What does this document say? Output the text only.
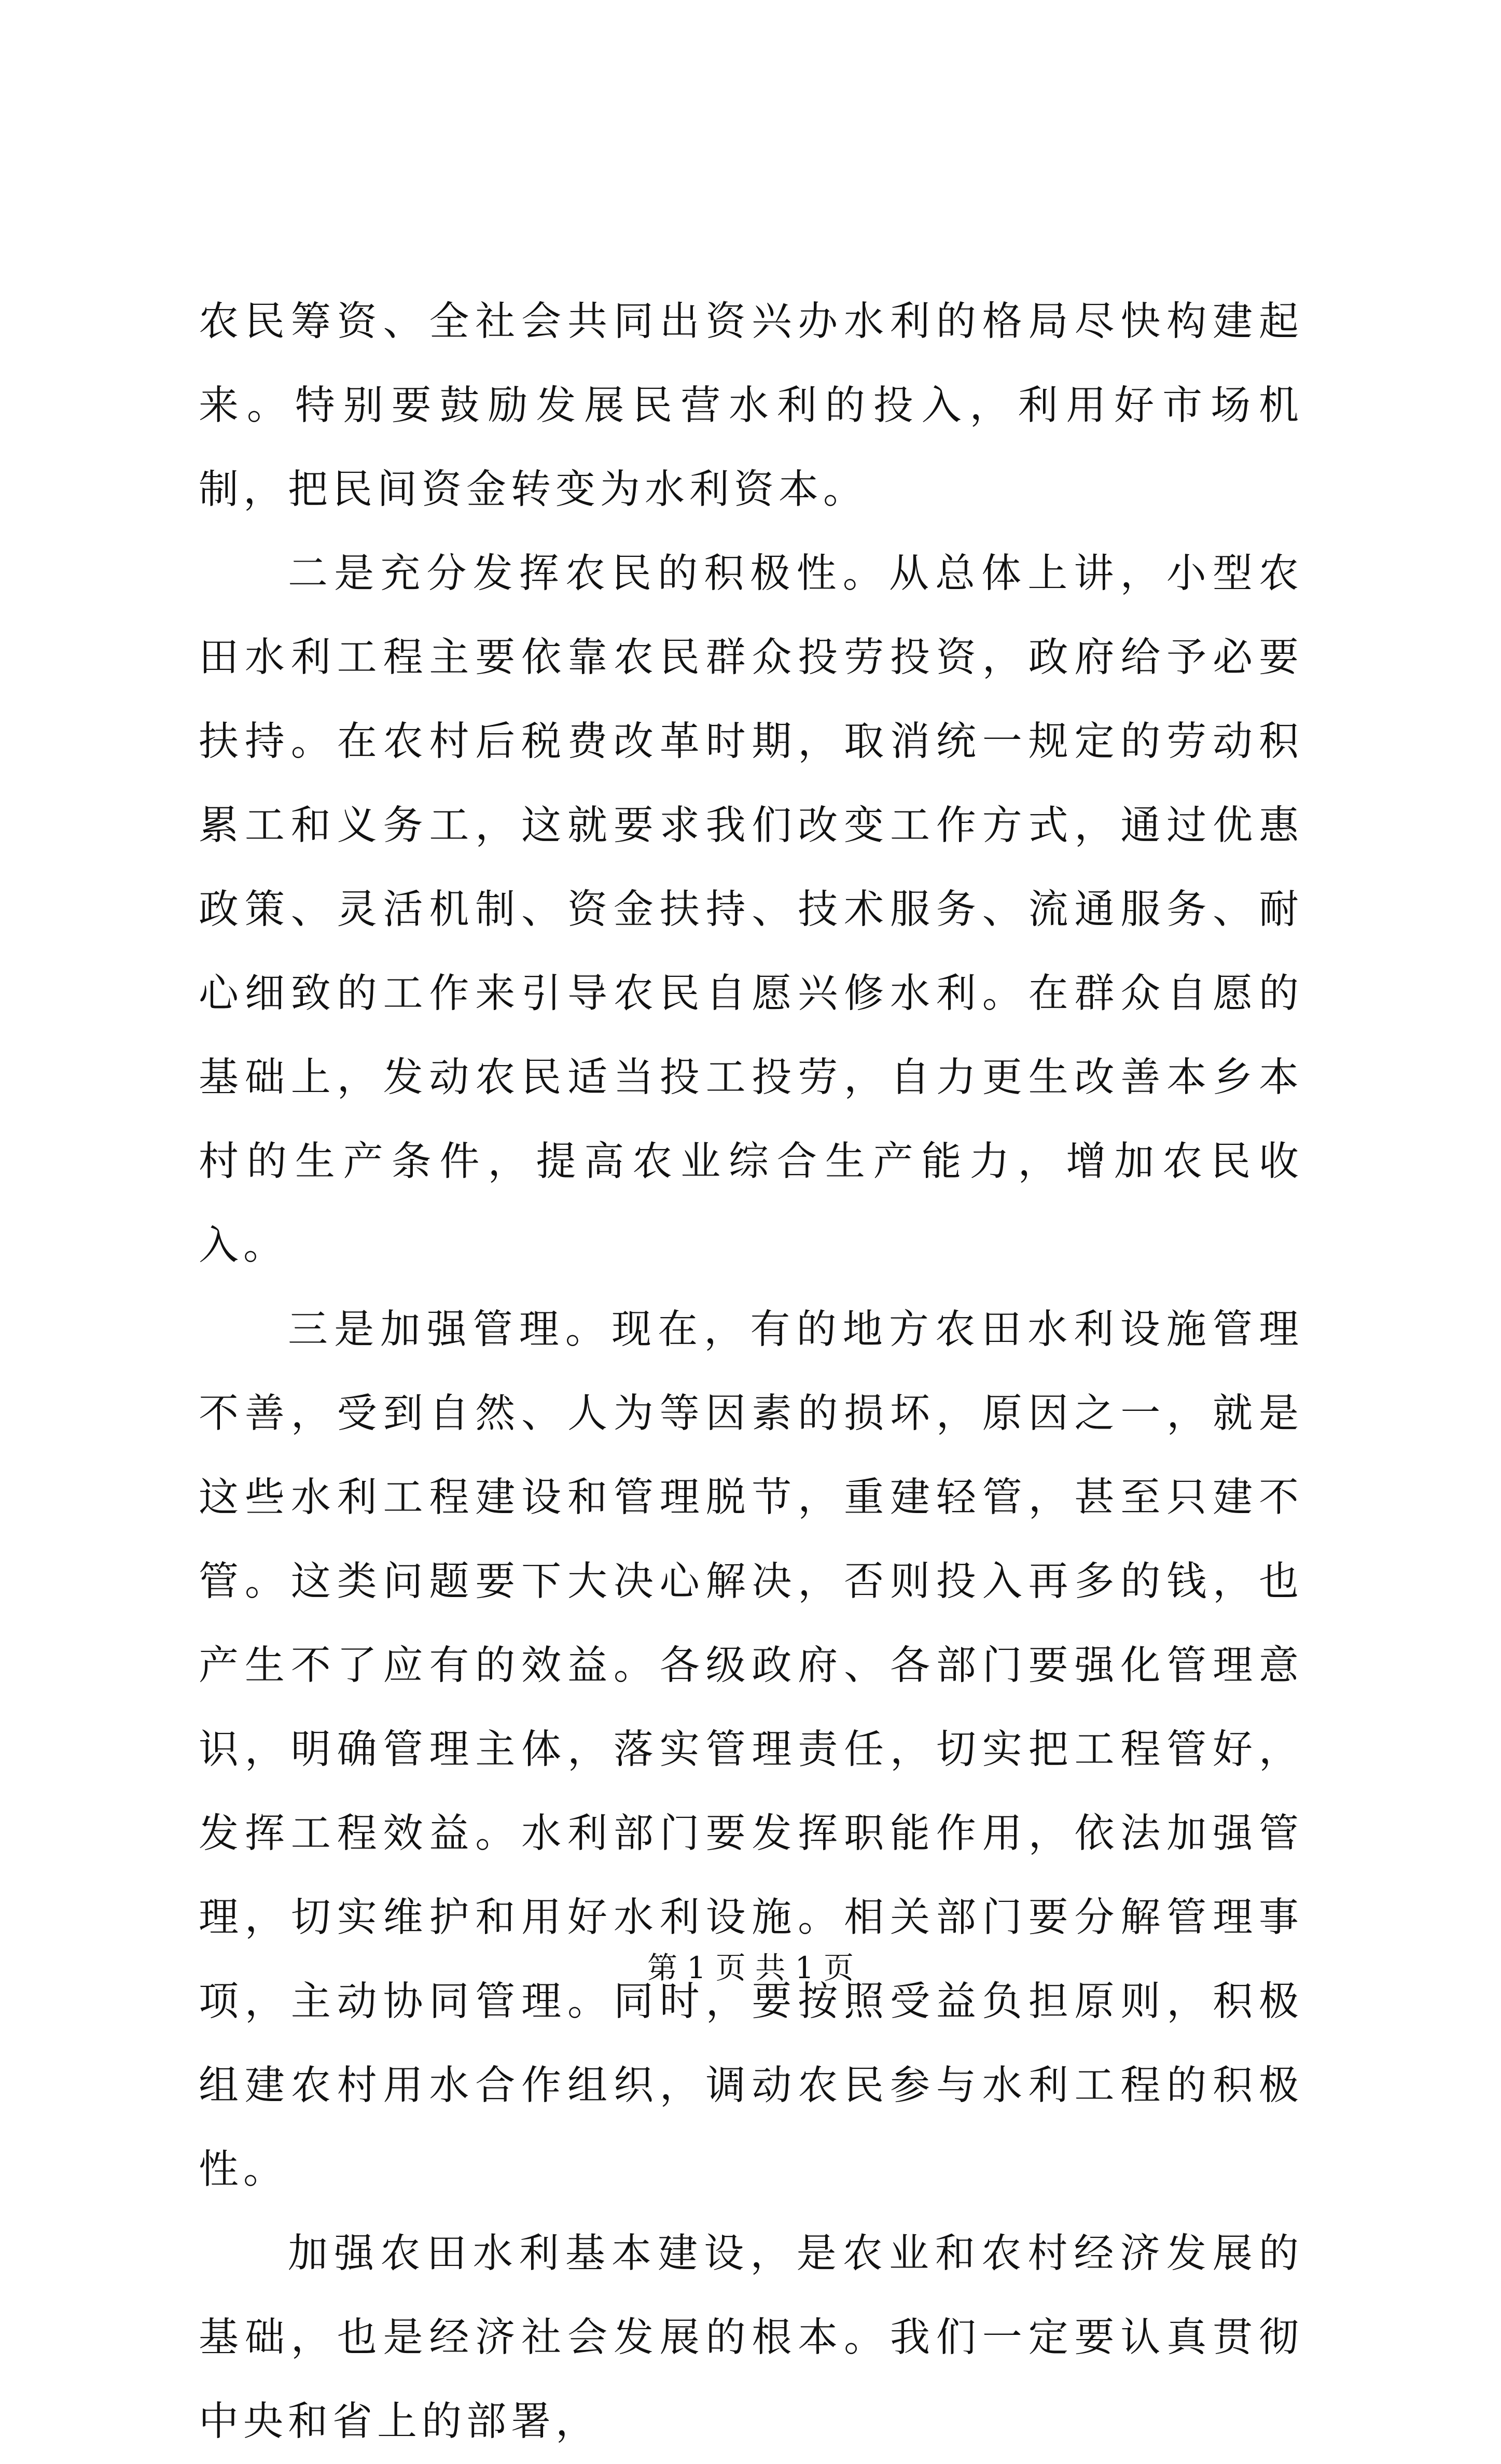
农民筹资、全社会共同出资兴办水利的格局尽快构建起来。特别要鼓励发展民营水利的投入，利用好市场机制，把民间资金转变为水利资本。

二是充分发挥农民的积极性。从总体上讲，小型农田水利工程主要依靠农民群众投劳投资，政府给予必要扶持。在农村后税费改革时期，取消统一规定的劳动积累工和义务工，这就要求我们改变工作方式，通过优惠政策、灵活机制、资金扶持、技术服务、流通服务、耐心细致的工作来引导农民自愿兴修水利。在群众自愿的基础上，发动农民适当投工投劳，自力更生改善本乡本村的生产条件，提高农业综合生产能力，增加农民收入。

三是加强管理。现在，有的地方农田水利设施管理不善，受到自然、人为等因素的损坏，原因之一，就是这些水利工程建设和管理脱节，重建轻管，甚至只建不管。这类问题要下大决心解决，否则投入再多的钱，也产生不了应有的效益。各级政府、各部门要强化管理意识，明确管理主体，落实管理责任，切实把工程管好，发挥工程效益。水利部门要发挥职能作用，依法加强管理，切实维护和用好水利设施。相关部门要分解管理事项，主动协同管理。同时，要按照受益负担原则，积极组建农村用水合作组织，调动农民参与水利工程的积极性。

加强农田水利基本建设，是农业和农村经济发展的基础，也是经济社会发展的根本。我们一定要认真贯彻中央和省上的部署，

第 1 页 共 1 页
